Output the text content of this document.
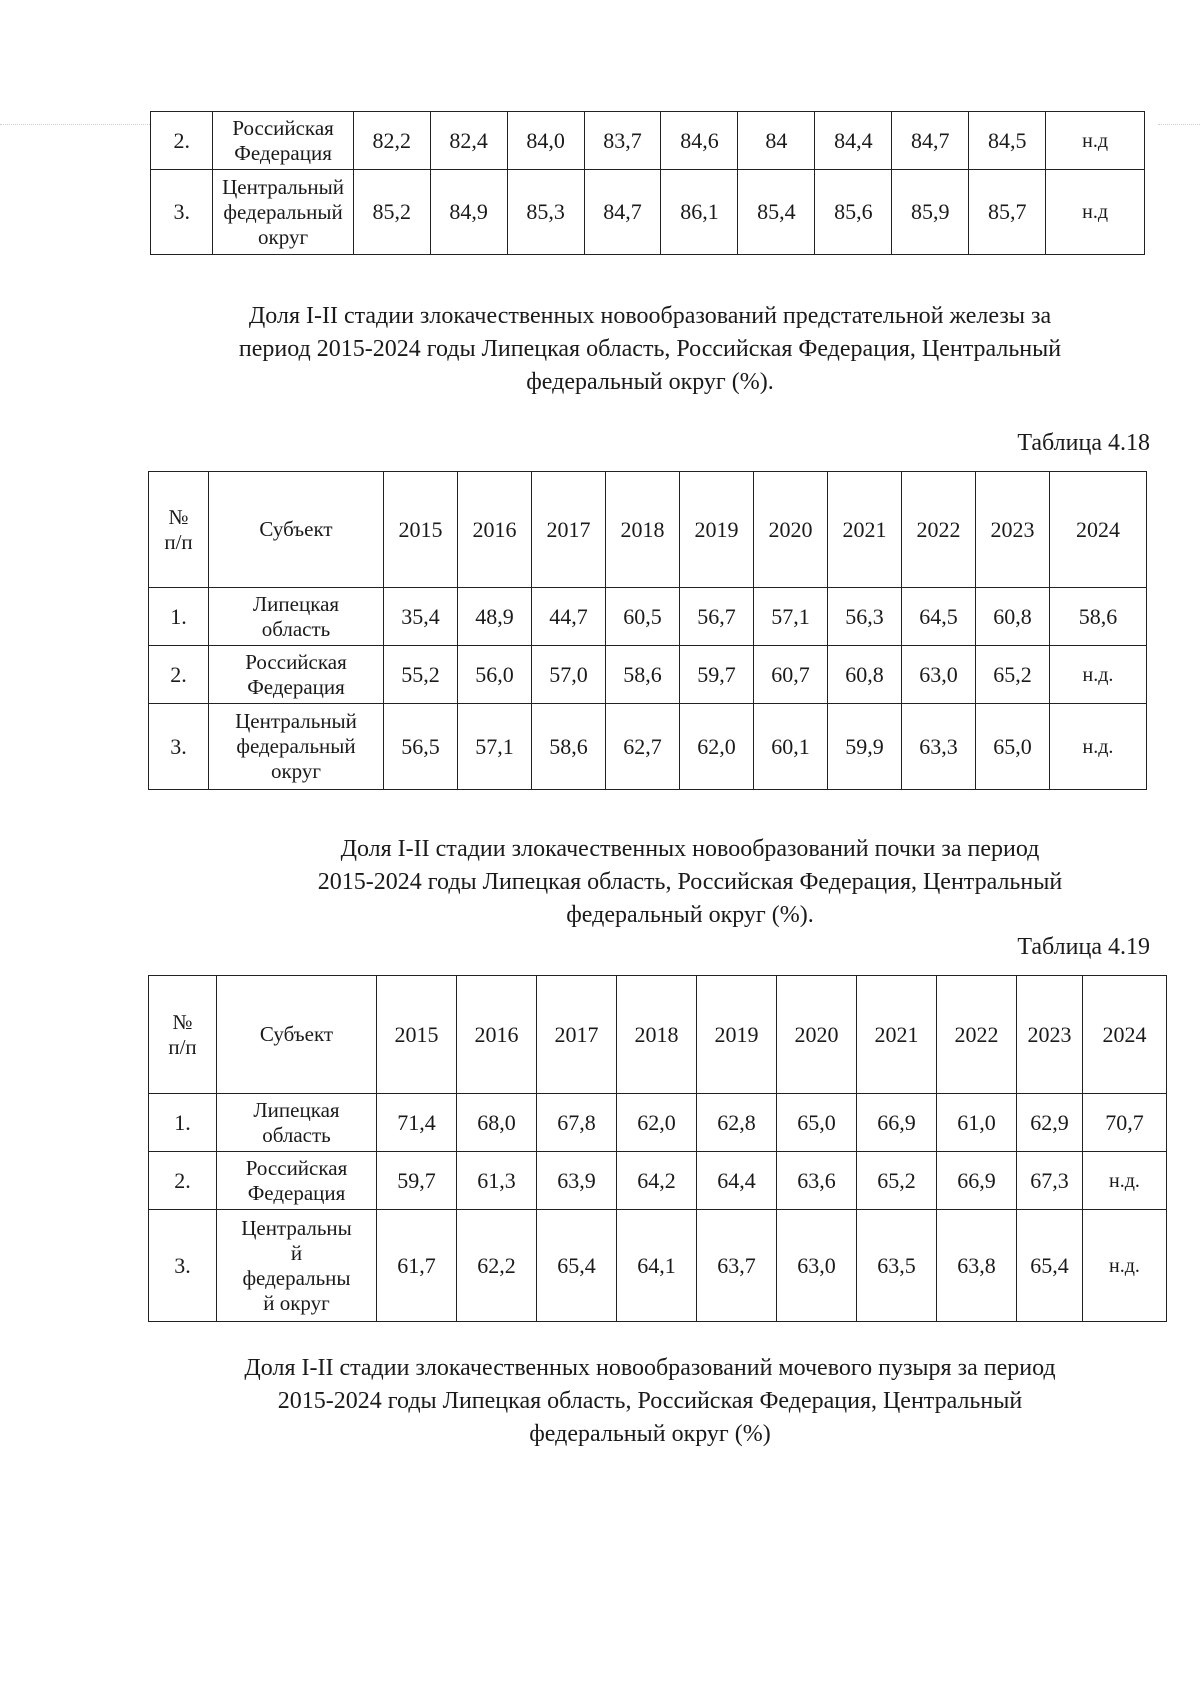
2.	Российская
Федерация	82,2	82,4	84,0	83,7	84,6	84	84,4	84,7	84,5	н.д
3.	Центральный
федеральный
округ	85,2	84,9	85,3	84,7	86,1	85,4	85,6	85,9	85,7	н.д
Доля I-II стадии злокачественных новообразований предстательной железы за
период 2015-2024 годы Липецкая область, Российская Федерация, Центральный
федеральный округ (%).
Таблица 4.18
№
п/п	Субъект	2015	2016	2017	2018	2019	2020	2021	2022	2023	2024
1.	Липецкая
область	35,4	48,9	44,7	60,5	56,7	57,1	56,3	64,5	60,8	58,6
2.	Российская
Федерация	55,2	56,0	57,0	58,6	59,7	60,7	60,8	63,0	65,2	н.д.
3.	Центральный
федеральный
округ	56,5	57,1	58,6	62,7	62,0	60,1	59,9	63,3	65,0	н.д.
Доля I-II стадии злокачественных новообразований почки за период
2015-2024 годы Липецкая область, Российская Федерация, Центральный
федеральный округ (%).
Таблица 4.19
№
п/п	Субъект	2015	2016	2017	2018	2019	2020	2021	2022	2023	2024
1.	Липецкая
область	71,4	68,0	67,8	62,0	62,8	65,0	66,9	61,0	62,9	70,7
2.	Российская
Федерация	59,7	61,3	63,9	64,2	64,4	63,6	65,2	66,9	67,3	н.д.
3.	Центральны
й
федеральны
й округ	61,7	62,2	65,4	64,1	63,7	63,0	63,5	63,8	65,4	н.д.
Доля I-II стадии злокачественных новообразований мочевого пузыря за период
2015-2024 годы Липецкая область, Российская Федерация, Центральный
федеральный округ (%)
